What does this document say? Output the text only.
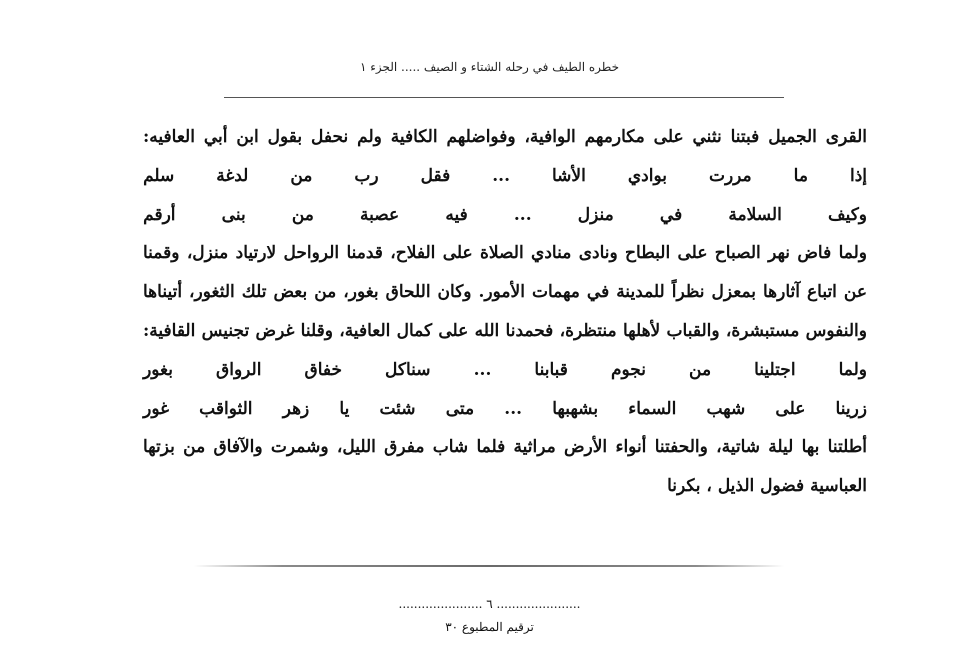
خطره الطيف في رحله الشتاء و الصيف ..... الجزء ١
القرى الجميل فبتنا نثني على مكارمهم الوافية، وفواضلهم الكافية ولم نحفل بقول ابن أبي العافيه:
إذا
ما
مررت
بوادي
الأشا
...
فقل
رب
من
لدغة
سلم
وكيف
السلامة
في
منزل
...
فيه
عصبة
من
بنى
أرقم
ولما فاض نهر الصباح على البطاح ونادى منادي الصلاة على الفلاح، قدمنا الرواحل لارتياد منزل، وقمنا
عن اتباع آثارها بمعزل نظراً للمدينة في مهمات الأمور. وكان اللحاق بغور، من بعض تلك الثغور، أتيناها
والنفوس مستبشرة، والقباب لأهلها منتظرة، فحمدنا الله على كمال العافية، وقلنا غرض تجنيس القافية:
ولما
اجتلينا
من
نجوم
قبابنا
...
سناكل
خفاق
الرواق
بغور
زرينا
على
شهب
السماء
بشهبها
...
متى
شئت
يا
زهر
الثواقب
غور
أطلتنا بها ليلة شاتية، والحفتنا أنواء الأرض مراثية فلما شاب مفرق الليل، وشمرت والآفاق من بزتها
العباسية فضول الذيل ، بكرنا
...................... ٦ ......................
ترقيم المطبوع ٣٠
